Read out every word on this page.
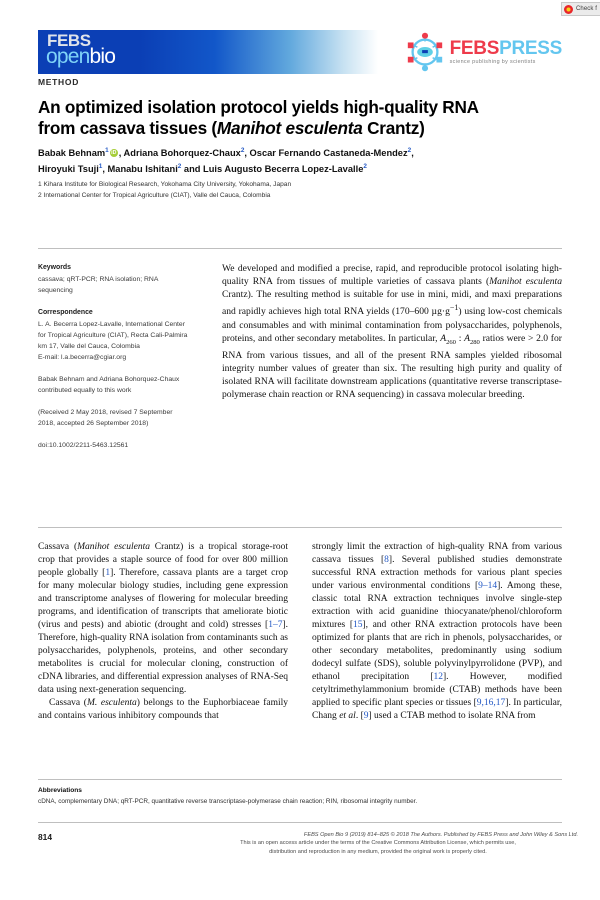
Check f
FEBS
openbio	FEBSPRESS
science publishing by scientists
METHOD
An optimized isolation protocol yields high-quality RNA
from cassava tissues (Manihot esculenta Crantz)
Babak Behnam$^1$ iD , Adriana Bohorquez-Chaux$^2$, Oscar Fernando Castaneda-Mendez$^2$,
Hiroyuki Tsuji$^1$, Manabu Ishitani$^2$ and Luis Augusto Becerra Lopez-Lavalle$^2$
1 Kihara Institute for Biological Research, Yokohama City University, Yokohama, Japan
2 International Center for Tropical Agriculture (CIAT), Valle del Cauca, Colombia
Keywords

cassava; qRT-PCR; RNA isolation; RNA sequencing

Correspondence

L. A. Becerra Lopez-Lavalle, International Center for Tropical Agriculture (CIAT), Recta Cali-Palmira km 17, Valle del Cauca, Colombia

E-mail: l.a.becerra@cgiar.org

Babak Behnam and Adriana Bohorquez-Chaux contributed equally to this work

(Received 2 May 2018, revised 7 September 2018, accepted 26 September 2018)

doi:10.1002/2211-5463.12561

We developed and modified a precise, rapid, and reproducible protocol isolating high-quality RNA from tissues of multiple varieties of cassava plants (Manihot esculenta Crantz). The resulting method is suitable for use in mini, midi, and maxi preparations and rapidly achieves high total RNA yields (170–600 $\mu g\cdot g^{-1}$) using low-cost chemicals and consumables and with minimal contamination from polysaccharides, polyphenols, proteins, and other secondary metabolites. In particular, $A_{260}$ : $A_{280}$ ratios were > 2.0 for RNA from various tissues, and all of the present RNA samples yielded ribosomal integrity number values of greater than six. The resulting high purity and quality of isolated RNA will facilitate downstream applications (quantitative reverse transcriptase-polymerase chain reaction or RNA sequencing) in cassava molecular breeding.

Cassava (Manihot esculenta Crantz) is a tropical storage-root crop that provides a staple source of food for over 800 million people globally [1]. Therefore, cassava plants are a target crop for many molecular biology studies, including gene expression and transcriptome analyses of flowering for molecular breeding programs, and identification of transcripts that ameliorate biotic (virus and pests) and abiotic (drought and cold) stresses [1–7]. Therefore, high-quality RNA isolation from contaminants such as polysaccharides, polyphenols, proteins, and other secondary metabolites is crucial for molecular cloning, construction of cDNA libraries, and differential expression analyses of RNA-Seq data using next-generation sequencing.

Cassava (M. esculenta) belongs to the Euphorbiaceae family and contains various inhibitory compounds that

strongly limit the extraction of high-quality RNA from various cassava tissues [8]. Several published studies demonstrate successful RNA extraction methods for various plant species under various environmental conditions [9–14]. Among these, classic total RNA extraction techniques involve single-step extraction with acid guanidine thiocyanate/phenol/chloroform mixtures [15], and other RNA extraction protocols have been optimized for plants that are rich in phenols, polysaccharides, or other secondary metabolites, predominantly using sodium dodecyl sulfate (SDS), soluble polyvinylpyrrolidone (PVP), and ethanol precipitation [12]. However, modified cetyltrimethylammonium bromide (CTAB) methods have been applied to specific plant species or tissues [9,16,17]. In particular, Chang et al. [9] used a CTAB method to isolate RNA from

Abbreviations

cDNA, complementary DNA; qRT-PCR, quantitative reverse transcriptase-polymerase chain reaction; RIN, ribosomal integrity number.

814	FEBS Open Bio 9 (2019) 814–825 © 2018 The Authors. Published by FEBS Press and John Wiley & Sons Ltd.
This is an open access article under the terms of the Creative Commons Attribution License, which permits use,
distribution and reproduction in any medium, provided the original work is properly cited.
